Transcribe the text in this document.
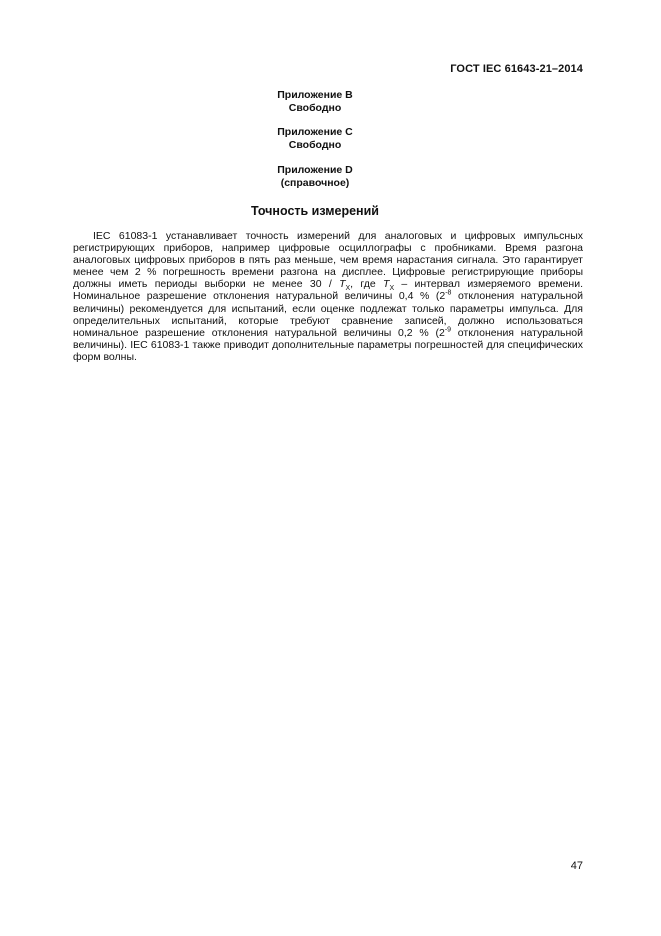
ГОСТ IEC 61643-21–2014
Приложение В
Свободно
Приложение С
Свободно
Приложение D
(справочное)
Точность измерений

IEC 61083-1 устанавливает точность измерений для аналоговых и цифровых импульсных регистрирующих приборов, например цифровые осциллографы с пробниками. Время разгона аналоговых цифровых приборов в пять раз меньше, чем время нарастания сигнала. Это гарантирует менее чем 2 % погрешность времени разгона на дисплее. Цифровые регистрирующие приборы должны иметь периоды выборки не менее $30 / T_X$, где $T_X$ – интервал измеряемого времени. Номинальное разрешение отклонения натуральной величины 0,4 % ($2^{-8}$ отклонения натуральной величины) рекомендуется для испытаний, если оценке подлежат только параметры импульса. Для определительных испытаний, которые требуют сравнение записей, должно использоваться номинальное разрешение отклонения натуральной величины 0,2 % ($2^{-9}$ отклонения натуральной величины). IEC 61083-1 также приводит дополнительные параметры погрешностей для специфических форм волны.

47
